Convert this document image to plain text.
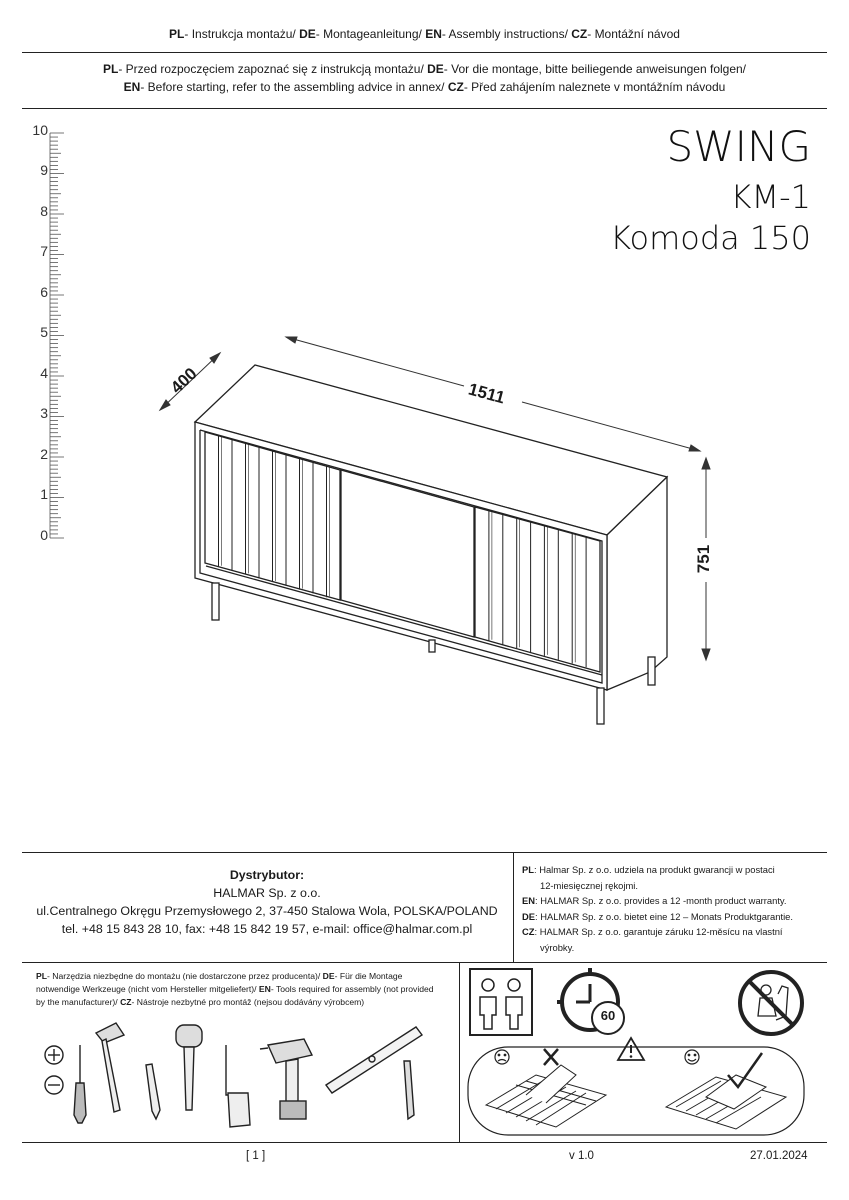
PL- Instrukcja montażu/ DE- Montageanleitung/ EN- Assembly instructions/ CZ- Montážní návod
PL- Przed rozpoczęciem zapoznać się z instrukcją montażu/ DE- Vor die montage, bitte beiliegende anweisungen folgen/
EN- Before starting, refer to the assembling advice in annex/ CZ- Před zahájením naleznete v montážním návodu
SWING
KM-1
Komoda 150
10
9
8
7
6
5
4
3
2
1
0
400	1511
751
Dystrybutor:
HALMAR Sp. z o.o.
ul.Centralnego Okręgu Przemysłowego 2, 37-450 Stalowa Wola, POLSKA/POLAND
tel. +48 15 843 28 10, fax: +48 15 842 19 57, e-mail: office@halmar.com.pl

PL: Halmar Sp. z o.o. udziela na produkt gwarancji w postaci

12-miesięcznej rękojmi.

EN: HALMAR Sp. z o.o. provides a 12 -month product warranty.

DE: HALMAR Sp. z o.o. bietet eine 12 – Monats Produktgarantie.

CZ: HALMAR Sp. z o.o. garantuje záruku 12-měsícu na vlastní

výrobky.

PL- Narzędzia niezbędne do montażu (nie dostarczone przez producenta)/ DE- Für die Montage notwendige Werkzeuge (nicht vom Hersteller mitgeliefert)/ EN- Tools required for assembly (not provided by the manufacturer)/ CZ- Nástroje nezbytné pro montáž (nejsou dodávány výrobcem)
60
[ 1 ]	v 1.0	27.01.2024
